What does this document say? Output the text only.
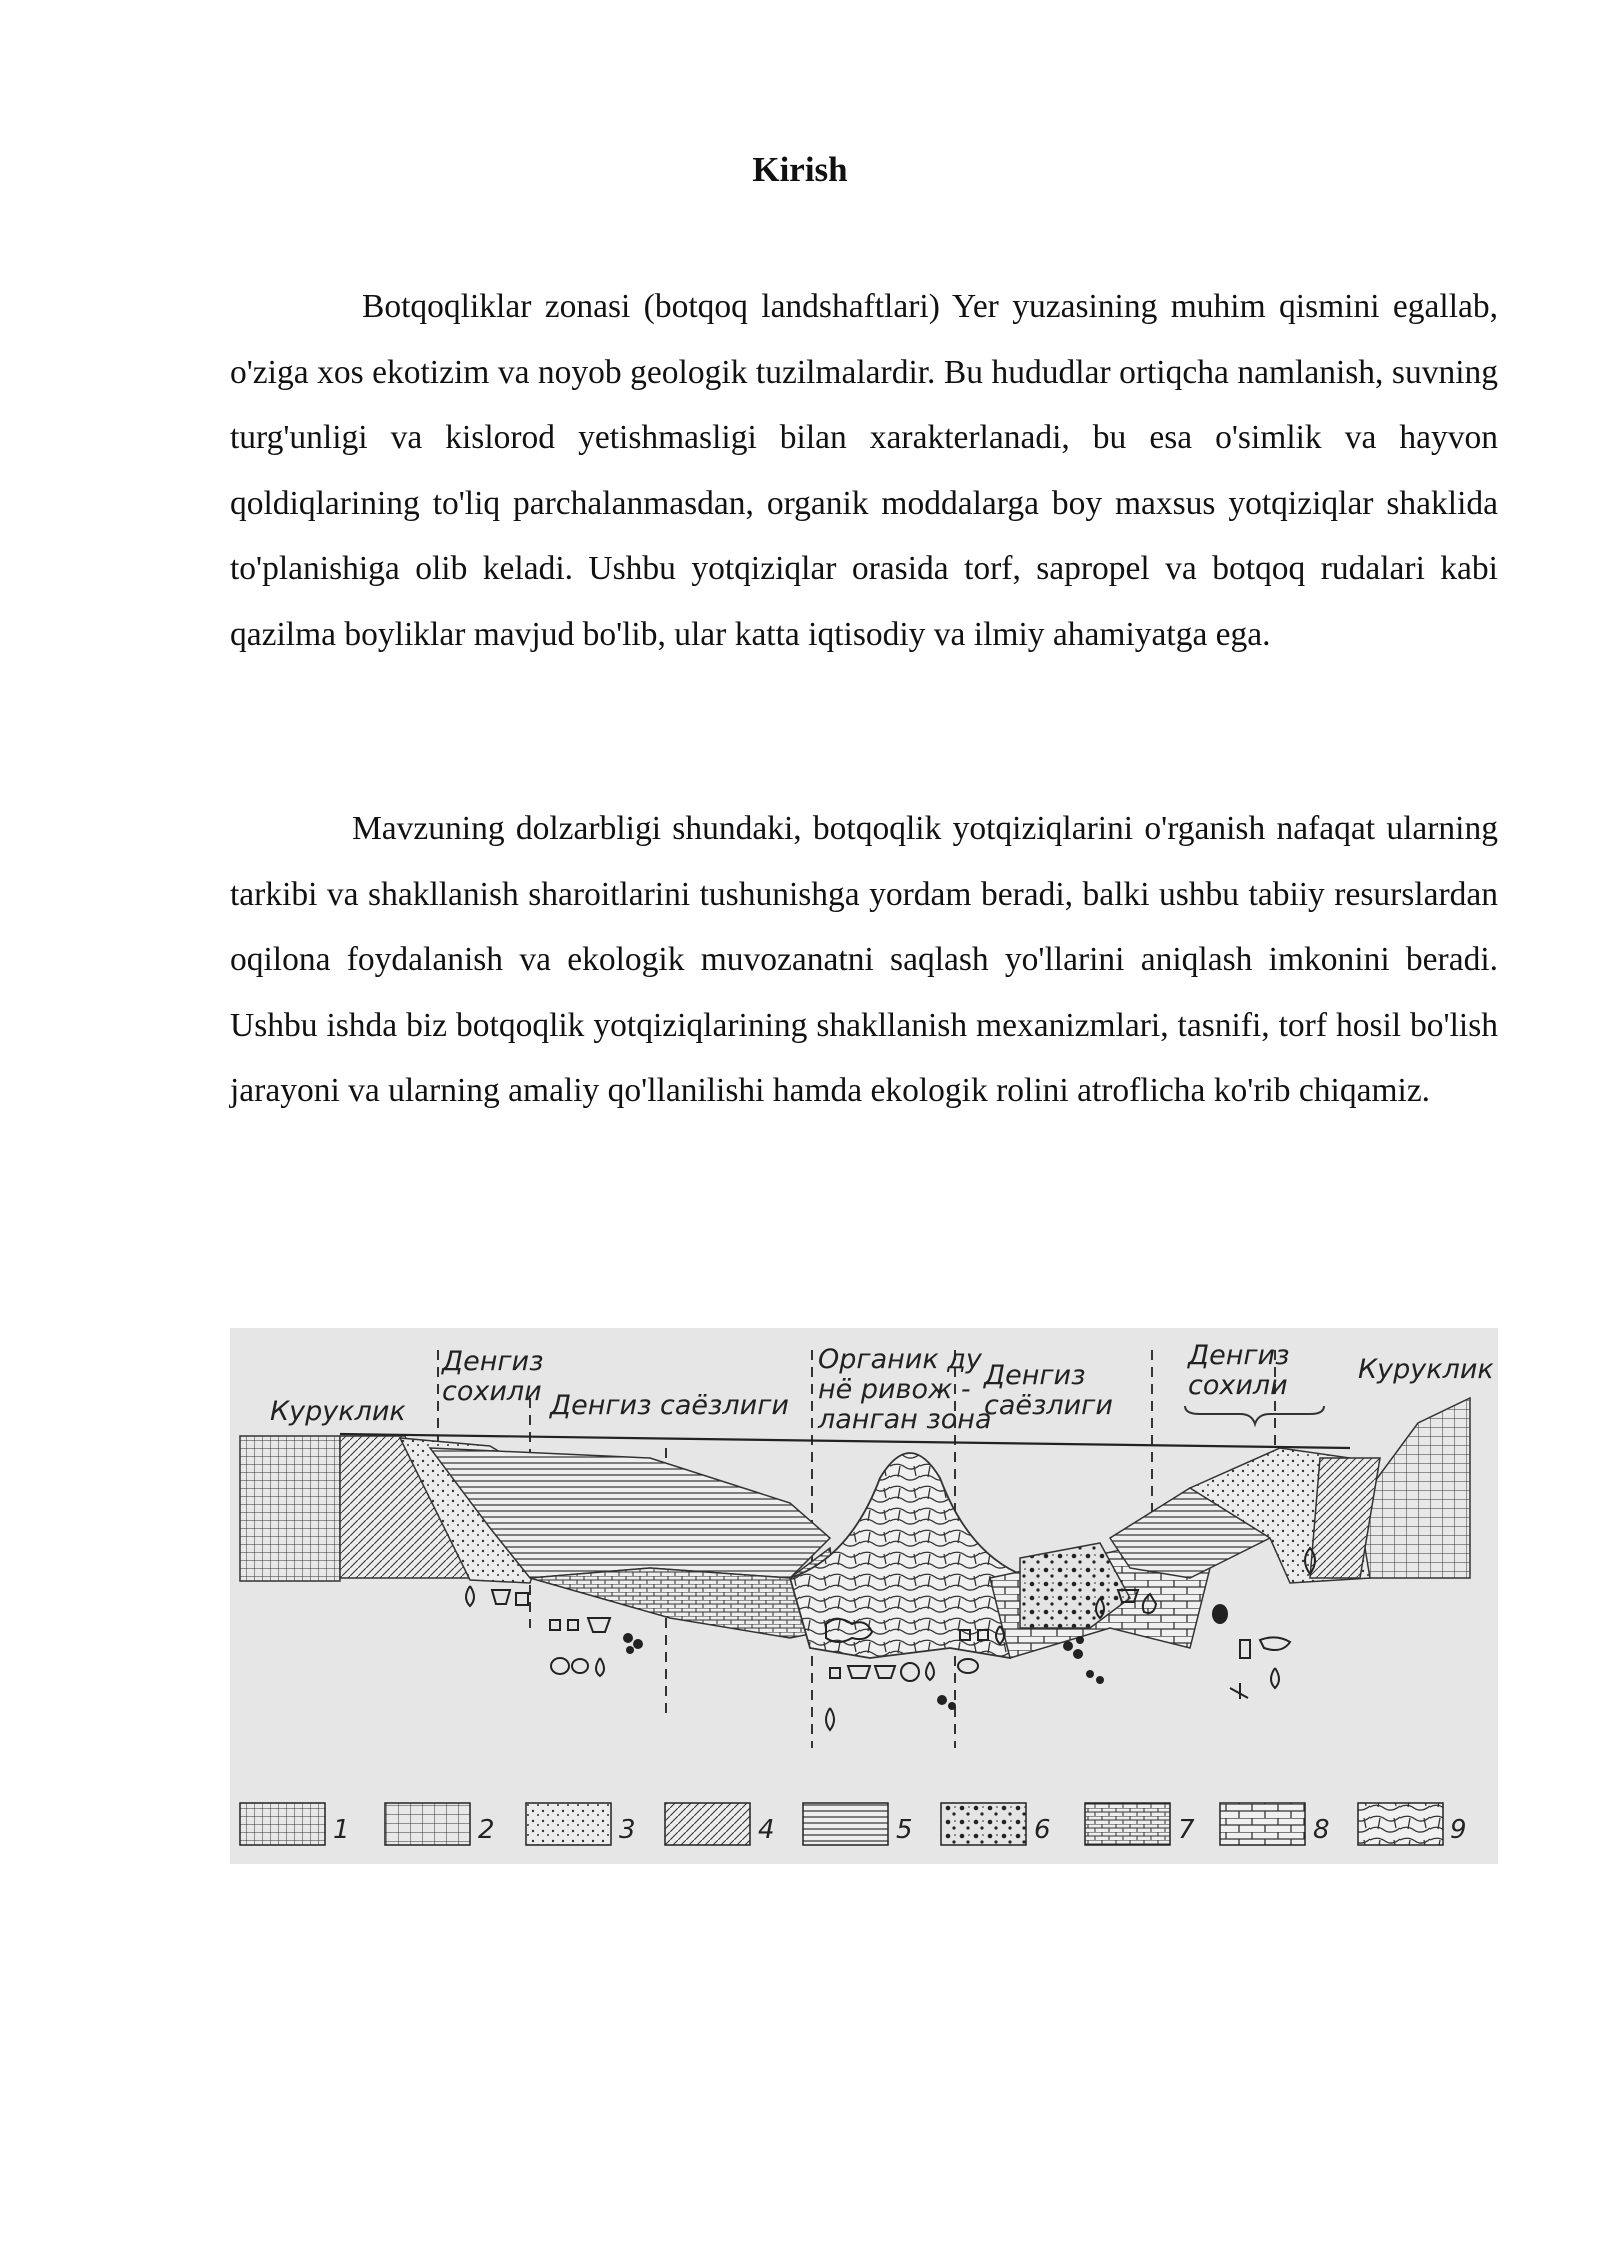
Kirish

Botqoqliklar zonasi (botqoq landshaftlari) Yer yuzasining muhim qismini egallab, o'ziga xos ekotizim va noyob geologik tuzilmalardir. Bu hududlar ortiqcha namlanish, suvning turg'unligi va kislorod yetishmasligi bilan xarakterlanadi, bu esa o'simlik va hayvon qoldiqlarining to'liq parchalanmasdan, organik moddalarga boy maxsus yotqiziqlar shaklida to'planishiga olib keladi. Ushbu yotqiziqlar orasida torf, sapropel va botqoq rudalari kabi qazilma boyliklar mavjud bo'lib, ular katta iqtisodiy va ilmiy ahamiyatga ega.

Mavzuning dolzarbligi shundaki, botqoqlik yotqiziqlarini o'rganish nafaqat ularning tarkibi va shakllanish sharoitlarini tushunishga yordam beradi, balki ushbu tabiiy resurslardan oqilona foydalanish va ekologik muvozanatni saqlash yo'llarini aniqlash imkonini beradi. Ushbu ishda biz botqoqlik yotqiziqlarining shakllanish mexanizmlari, tasnifi, torf hosil bo'lish jarayoni va ularning amaliy qo'llanilishi hamda ekologik rolini atroflicha ko'rib chiqamiz.

Куруклик
Денгиз
сохили Денгиз саёзлиги
Органик ду
нё ривож -
ланган зона
Денгиз
саёзлиги
Денгиз
сохили
Куруклик
1	2	3	4	5	6	7	8	9
